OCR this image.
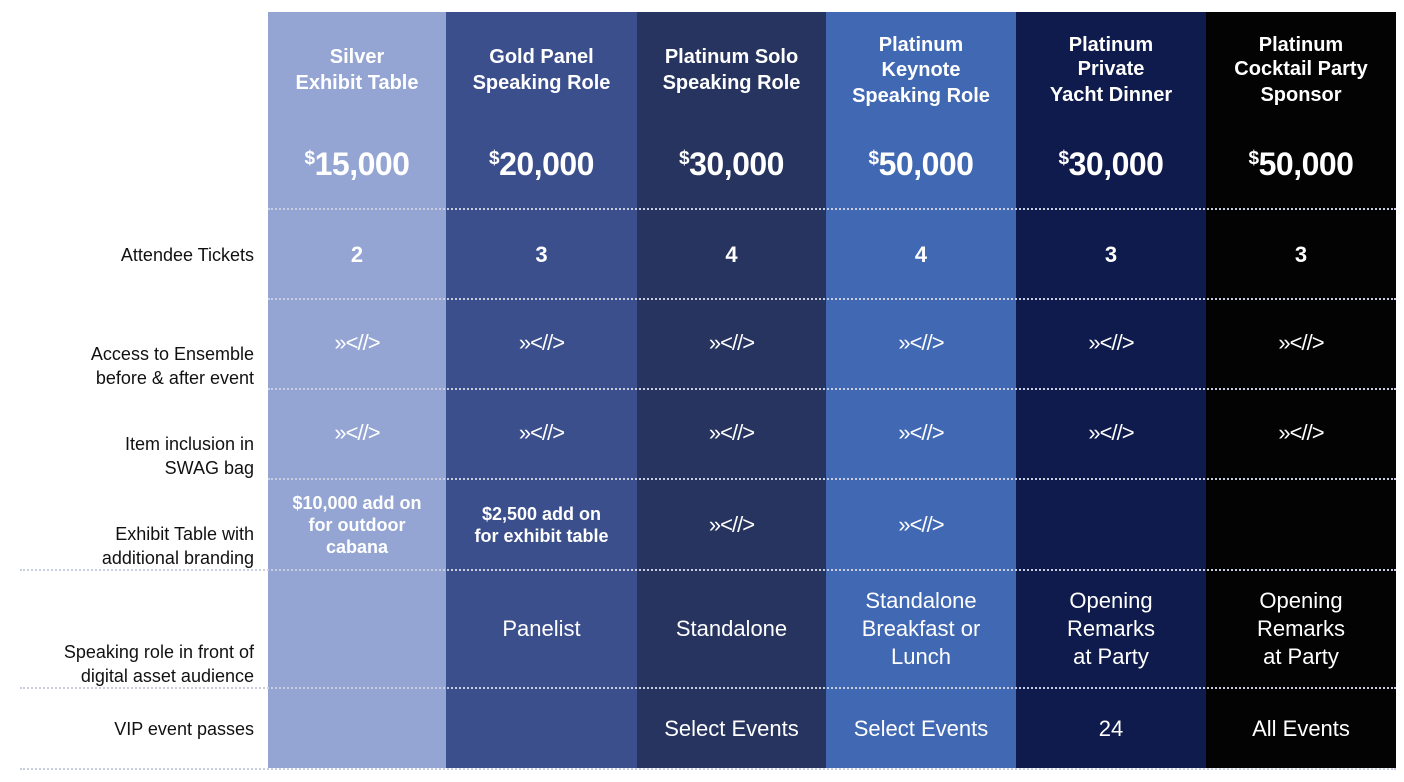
Attendee Tickets
Access to Ensemble
before & after event
Item inclusion in
SWAG bag
Exhibit Table with
additional branding
Speaking role in front of
digital asset audience
VIP event passes
Silver
Exhibit Table
$15,000
2
»<//>
»<//>
$10,000 add on
for outdoor
cabana
Gold Panel
Speaking Role
$20,000
3
»<//>
»<//>
$2,500 add on
for exhibit table
Panelist
Platinum Solo
Speaking Role
$30,000
4
»<//>
»<//>
»<//>
Standalone
Select Events
Platinum
Keynote
Speaking Role
$50,000
4
»<//>
»<//>
»<//>
Standalone
Breakfast or
Lunch
Select Events
Platinum
Private
Yacht Dinner
$30,000
3
»<//>
»<//>
Opening
Remarks
at Party
24
Platinum
Cocktail Party
Sponsor
$50,000
3
»<//>
»<//>
Opening
Remarks
at Party
All Events
